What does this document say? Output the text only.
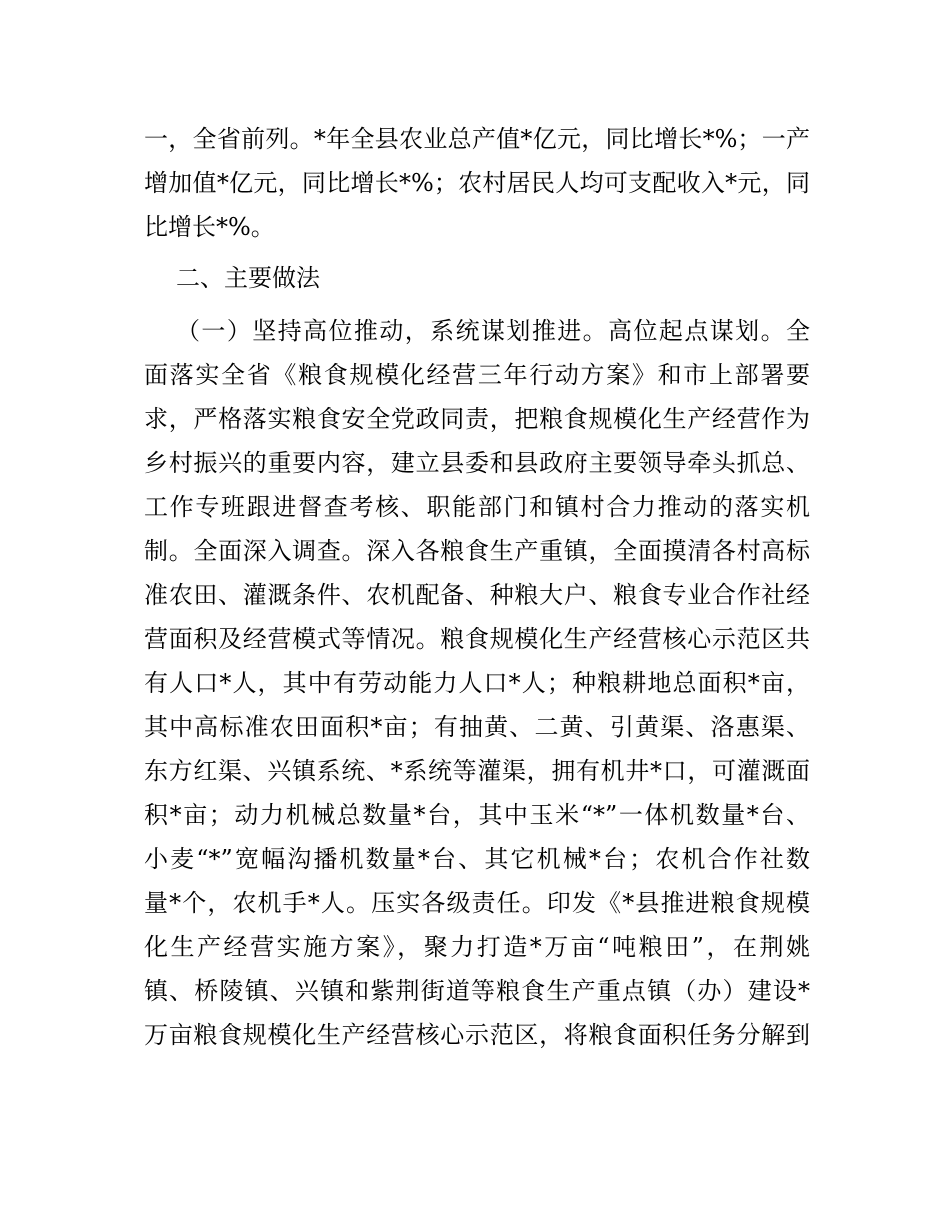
一，全省前列。*年全县农业总产值*亿元，同比增长*%；一产
增加值*亿元，同比增长*%；农村居民人均可支配收入*元，同
比增长*%。
二、主要做法
（一）坚持高位推动，系统谋划推进。高位起点谋划。全
面落实全省《粮食规模化经营三年行动方案》和市上部署要
求，严格落实粮食安全党政同责，把粮食规模化生产经营作为
乡村振兴的重要内容，建立县委和县政府主要领导牵头抓总、
工作专班跟进督查考核、职能部门和镇村合力推动的落实机
制。全面深入调查。深入各粮食生产重镇，全面摸清各村高标
准农田、灌溉条件、农机配备、种粮大户、粮食专业合作社经
营面积及经营模式等情况。粮食规模化生产经营核心示范区共
有人口*人，其中有劳动能力人口*人；种粮耕地总面积*亩，
其中高标准农田面积*亩；有抽黄、二黄、引黄渠、洛惠渠、
东方红渠、兴镇系统、*系统等灌渠，拥有机井*口，可灌溉面
积*亩；动力机械总数量*台，其中玉米“*”一体机数量*台、
小麦“*”宽幅沟播机数量*台、其它机械*台；农机合作社数
量*个，农机手*人。压实各级责任。印发《*县推进粮食规模
化生产经营实施方案》，聚力打造*万亩“吨粮田”，在荆姚
镇、桥陵镇、兴镇和紫荆街道等粮食生产重点镇（办）建设*
万亩粮食规模化生产经营核心示范区，将粮食面积任务分解到
